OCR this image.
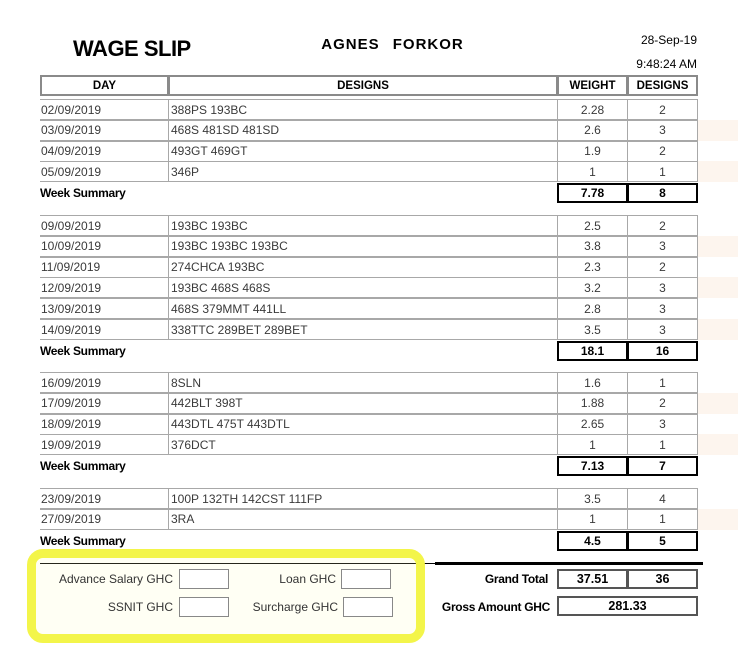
WAGE SLIP	AGNES FORKOR	28-Sep-19
9:48:24 AM
DAY	DESIGNS	WEIGHT	DESIGNS
02/09/2019	388PS 193BC	2.28	2
03/09/2019	468S 481SD 481SD	2.6	3
04/09/2019	493GT 469GT	1.9	2
05/09/2019	346P	1	1
Week Summary	7.78	8
09/09/2019	193BC 193BC	2.5	2
10/09/2019	193BC 193BC 193BC	3.8	3
11/09/2019	274CHCA 193BC	2.3	2
12/09/2019	193BC 468S 468S	3.2	3
13/09/2019	468S 379MMT 441LL	2.8	3
14/09/2019	338TTC 289BET 289BET	3.5	3
Week Summary	18.1	16
16/09/2019	8SLN	1.6	1
17/09/2019	442BLT 398T	1.88	2
18/09/2019	443DTL 475T 443DTL	2.65	3
19/09/2019	376DCT	1	1
Week Summary	7.13	7
23/09/2019	100P 132TH 142CST 111FP	3.5	4
27/09/2019	3RA	1	1
Week Summary	4.5	5
Advance Salary GHC	Loan GHC
SSNIT GHC	Surcharge GHC
Grand Total	37.51	36
Gross Amount GHC	281.33
